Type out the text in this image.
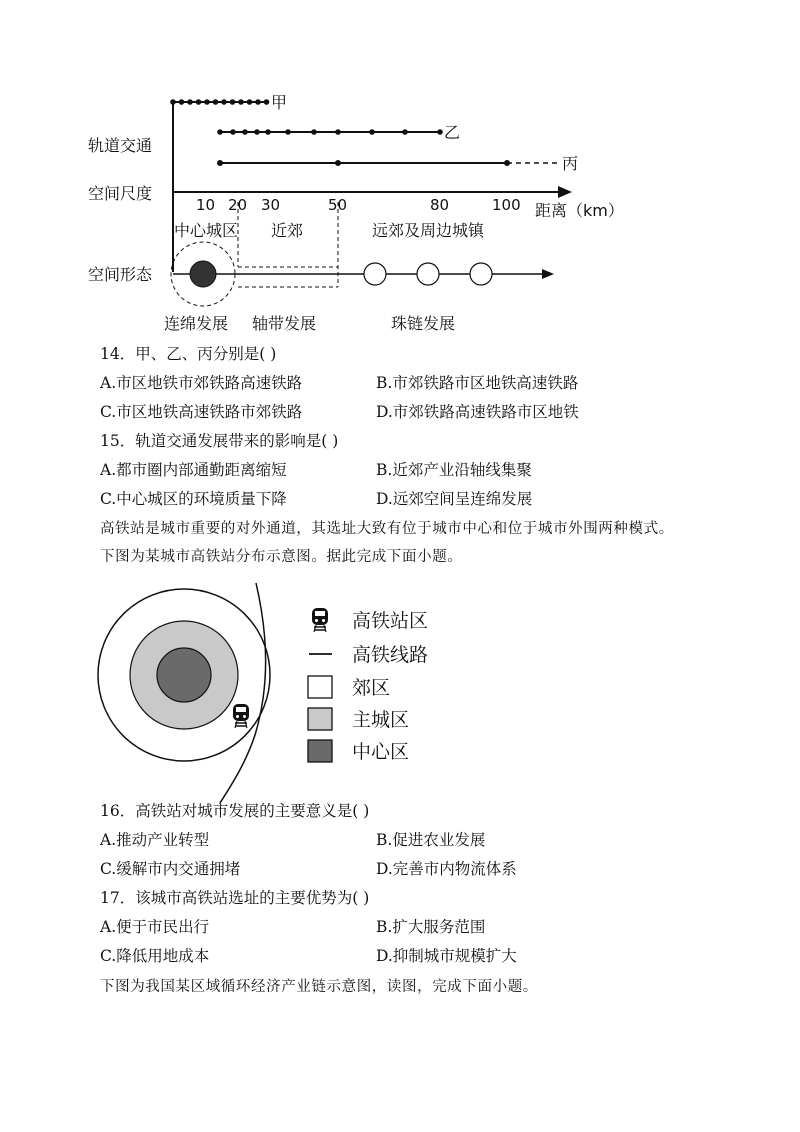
轨道交通
空间尺度
空间形态
甲
乙
丙
10 20 30	50	80	100 距离（km）
中心城区 近郊	远郊及周边城镇
连绵发展 轴带发展	珠链发展
14．甲、乙、丙分别是( )
A.市区地铁市郊铁路高速铁路	B.市郊铁路市区地铁高速铁路
C.市区地铁高速铁路市郊铁路	D.市郊铁路高速铁路市区地铁
15．轨道交通发展带来的影响是( )
A.都市圈内部通勤距离缩短	B.近郊产业沿轴线集聚
C.中心城区的环境质量下降	D.远郊空间呈连绵发展
高铁站是城市重要的对外通道，其选址大致有位于城市中心和位于城市外围两种模式。
下图为某城市高铁站分布示意图。据此完成下面小题。
高铁站区
高铁线路
郊区
主城区
中心区
16．高铁站对城市发展的主要意义是( )
A.推动产业转型	B.促进农业发展
C.缓解市内交通拥堵	D.完善市内物流体系
17．该城市高铁站选址的主要优势为( )
A.便于市民出行	B.扩大服务范围
C.降低用地成本	D.抑制城市规模扩大
下图为我国某区域循环经济产业链示意图，读图，完成下面小题。
